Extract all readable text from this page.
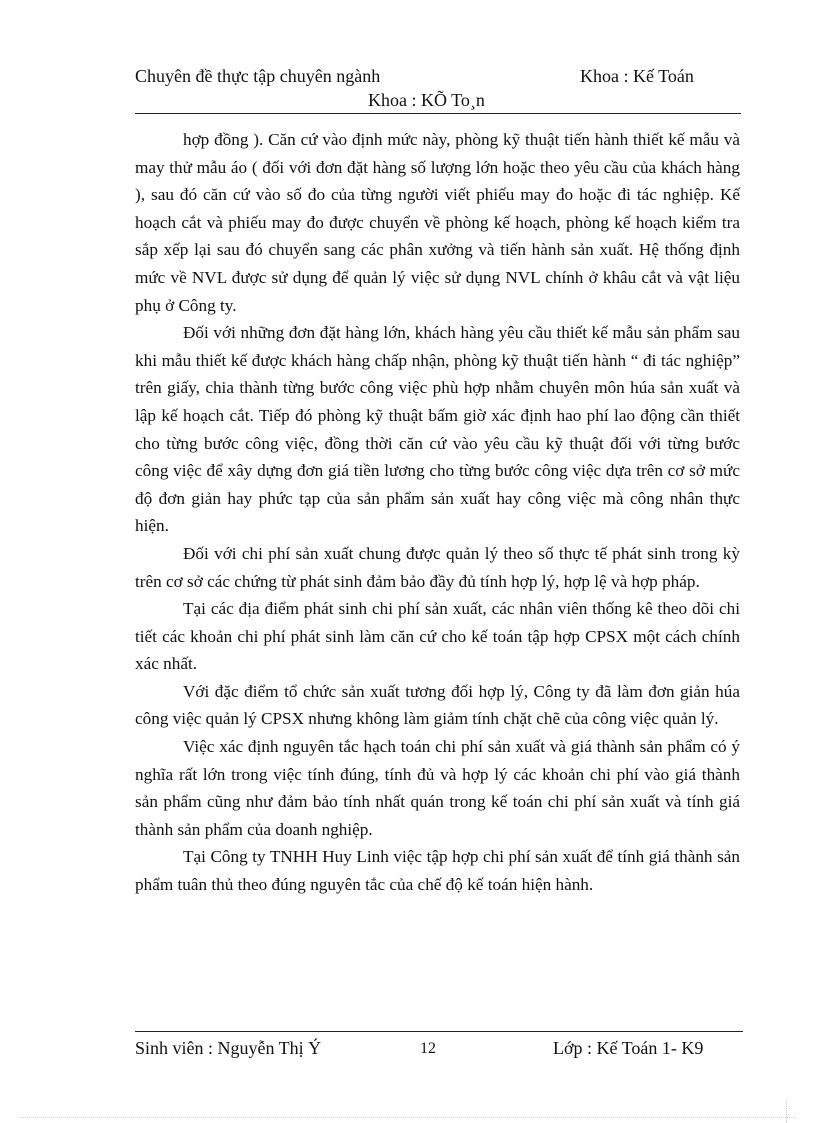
Chuyên đề thực tập chuyên ngành	Khoa : Kế Toán
Khoa : KÕ To¸n

hợp đồng ). Căn cứ vào định mức này, phòng kỹ thuật tiến hành thiết kế mẫu và may thử mẫu áo ( đối với đơn đặt hàng số lượng lớn hoặc theo yêu cầu của khách hàng ), sau đó căn cứ vào số đo của từng người viết phiếu may đo hoặc đi tác nghiệp. Kế hoạch cắt và phiếu may đo được chuyển về phòng kế hoạch, phòng kế hoạch kiểm tra sắp xếp lại sau đó chuyển sang các phân xưởng và tiến hành sản xuất. Hệ thống định mức về NVL được sử dụng để quản lý việc sử dụng NVL chính ở khâu cắt và vật liệu phụ ở Công ty.

Đối với những đơn đặt hàng lớn, khách hàng yêu cầu thiết kế mẫu sản phẩm sau khi mẫu thiết kế được khách hàng chấp nhận, phòng kỹ thuật tiến hành “ đi tác nghiệp” trên giấy, chia thành từng bước công việc phù hợp nhằm chuyên môn húa sản xuất và lập kế hoạch cắt. Tiếp đó phòng kỹ thuật bấm giờ xác định hao phí lao động cần thiết cho từng bước công việc, đồng thời căn cứ vào yêu cầu kỹ thuật đối với từng bước công việc để xây dựng đơn giá tiền lương cho từng bước công việc dựa trên cơ sở mức độ đơn giản hay phức tạp của sản phẩm sản xuất hay công việc mà công nhân thực hiện.

Đối với chi phí sản xuất chung được quản lý theo số thực tế phát sinh trong kỳ trên cơ sở các chứng từ phát sinh đảm bảo đầy đủ tính hợp lý, hợp lệ và hợp pháp.

Tại các địa điểm phát sinh chi phí sản xuất, các nhân viên thống kê theo dõi chi tiết các khoản chi phí phát sinh làm căn cứ cho kế toán tập hợp CPSX một cách chính xác nhất.

Với đặc điểm tổ chức sản xuất tương đối hợp lý, Công ty đã làm đơn giản húa công việc quản lý CPSX nhưng không làm giảm tính chặt chẽ của công việc quản lý.

Việc xác định nguyên tắc hạch toán chi phí sản xuất và giá thành sản phẩm có ý nghĩa rất lớn trong việc tính đúng, tính đủ và hợp lý các khoản chi phí vào giá thành sản phẩm cũng như đảm bảo tính nhất quán trong kế toán chi phí sản xuất và tính giá thành sản phẩm của doanh nghiệp.

Tại Công ty TNHH Huy Linh việc tập hợp chi phí sản xuất để tính giá thành sản phẩm tuân thủ theo đúng nguyên tắc của chế độ kế toán hiện hành.

Sinh viên : Nguyễn Thị Ý	12	Lớp : Kế Toán 1- K9
